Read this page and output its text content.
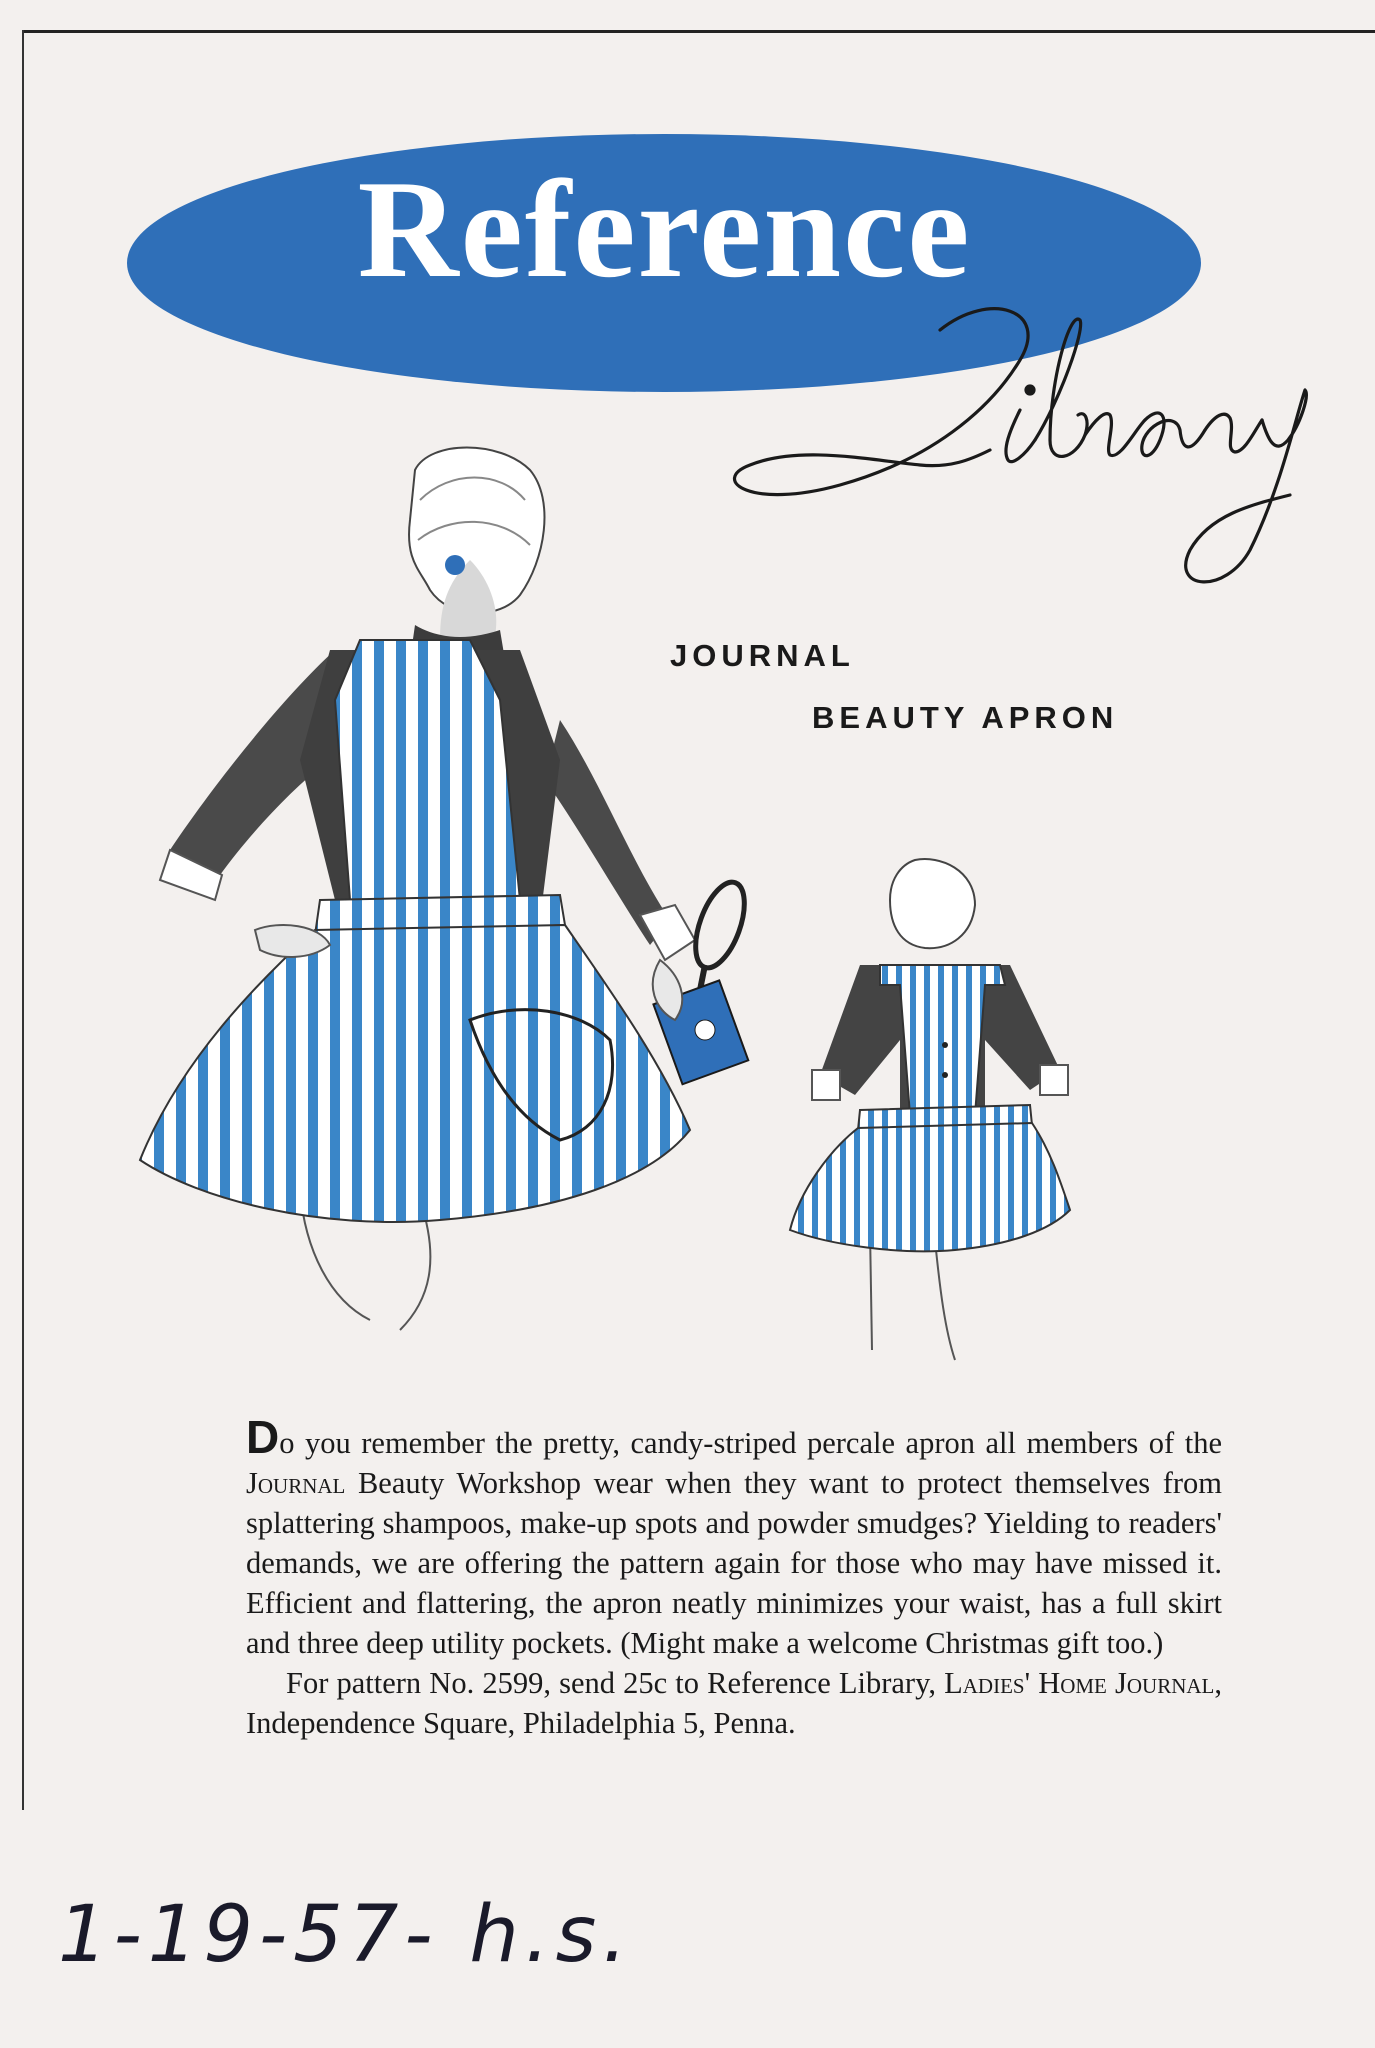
Reference
JOURNAL
BEAUTY APRON

Do you remember the pretty, candy-striped percale apron all members of the Journal Beauty Workshop wear when they want to protect themselves from splattering shampoos, make-up spots and powder smudges? Yielding to readers' demands, we are offering the pattern again for those who may have missed it. Efficient and flattering, the apron neatly minimizes your waist, has a full skirt and three deep utility pockets. (Might make a welcome Christmas gift too.)

For pattern No. 2599, send 25c to Reference Library, Ladies' Home Journal, Independence Square, Philadelphia 5, Penna.

1-19-57- h.s.
